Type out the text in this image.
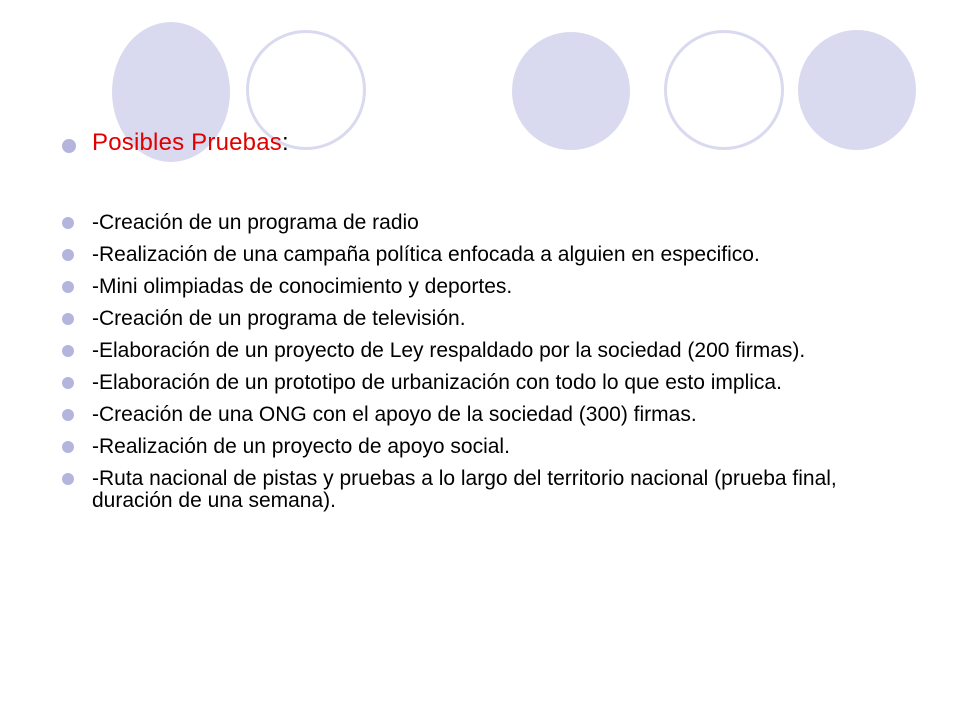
Posibles Pruebas:
-Creación de un programa de radio
-Realización de una campaña política enfocada a alguien en especifico.
-Mini olimpiadas de conocimiento y deportes.
-Creación de un programa de televisión.
-Elaboración de un proyecto de Ley respaldado por la sociedad (200 firmas).
-Elaboración de un prototipo de urbanización con todo lo que esto implica.
-Creación de una ONG con el apoyo de la sociedad (300) firmas.
-Realización de un proyecto de apoyo social.
-Ruta nacional de pistas y pruebas a lo largo del territorio nacional (prueba final, duración de una semana).
